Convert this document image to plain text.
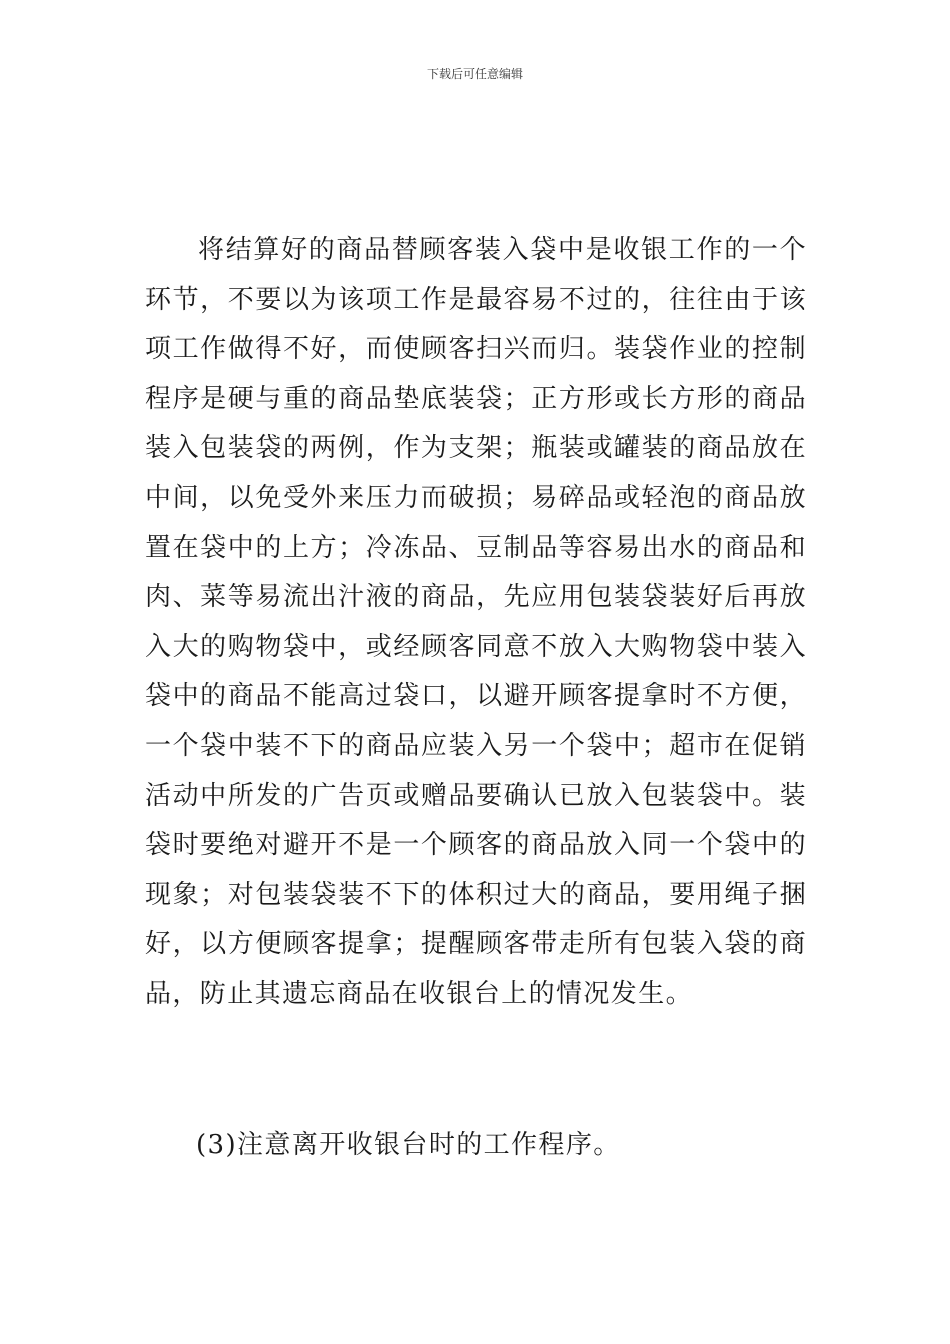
下载后可任意编辑

将结算好的商品替顾客装入袋中是收银工作的一个环节，不要以为该项工作是最容易不过的，往往由于该项工作做得不好，而使顾客扫兴而归。装袋作业的控制程序是硬与重的商品垫底装袋；正方形或长方形的商品装入包装袋的两例，作为支架；瓶装或罐装的商品放在中间，以免受外来压力而破损；易碎品或轻泡的商品放置在袋中的上方；冷冻品、豆制品等容易出水的商品和肉、菜等易流出汁液的商品，先应用包装袋装好后再放入大的购物袋中，或经顾客同意不放入大购物袋中装入袋中的商品不能高过袋口，以避开顾客提拿时不方便，一个袋中装不下的商品应装入另一个袋中；超市在促销活动中所发的广告页或赠品要确认已放入包装袋中。装袋时要绝对避开不是一个顾客的商品放入同一个袋中的现象；对包装袋装不下的体积过大的商品，要用绳子捆好，以方便顾客提拿；提醒顾客带走所有包装入袋的商品，防止其遗忘商品在收银台上的情况发生。

(3)注意离开收银台时的工作程序。
